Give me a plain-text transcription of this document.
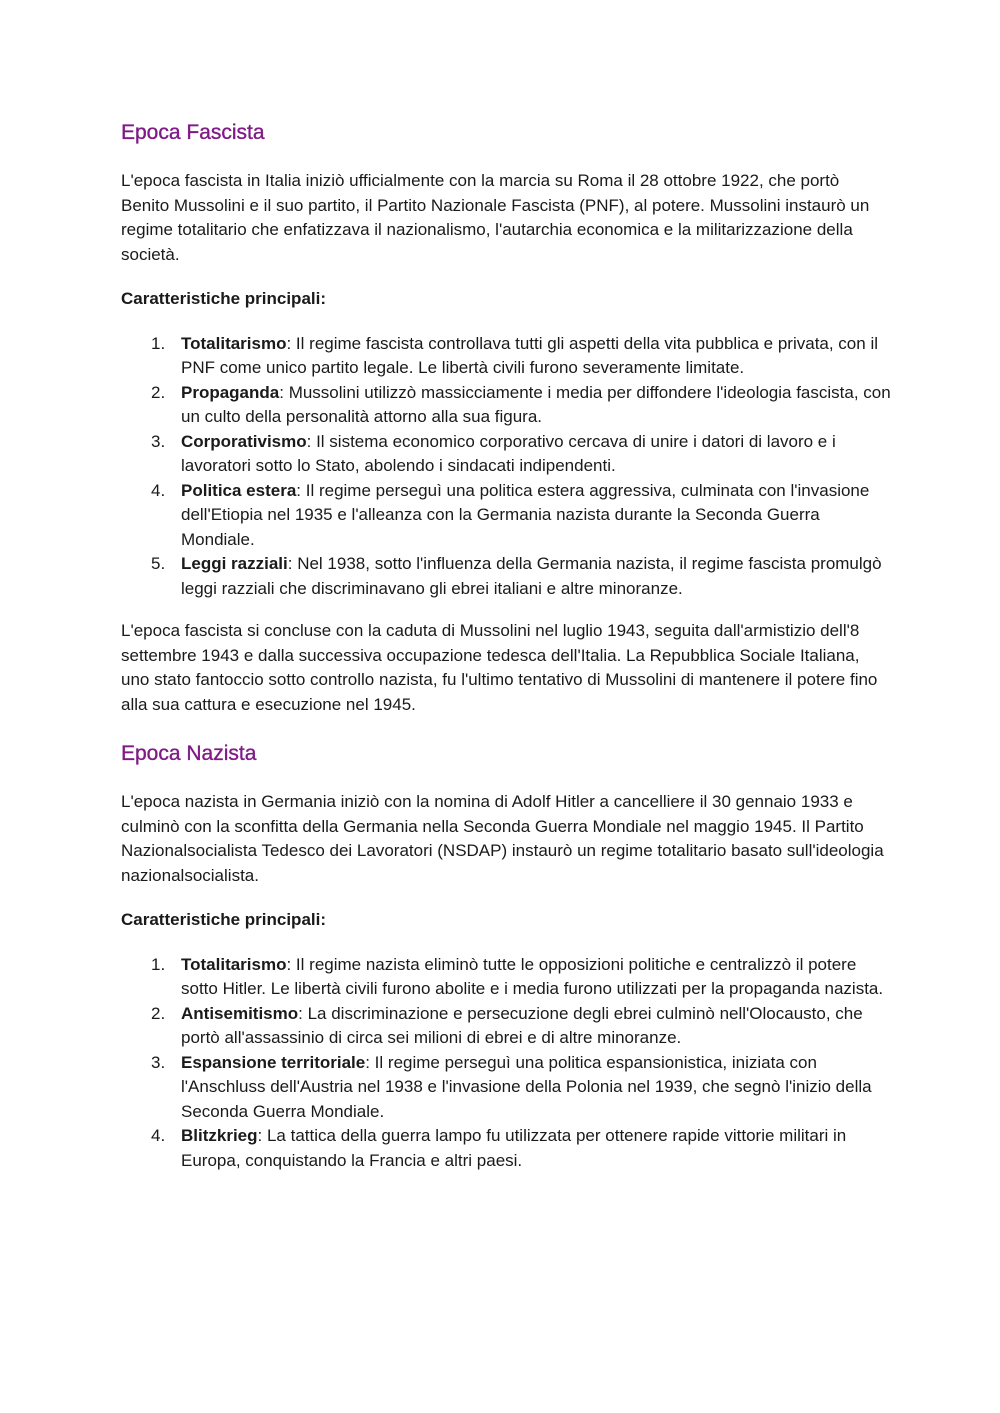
Epoca Fascista

L'epoca fascista in Italia iniziò ufficialmente con la marcia su Roma il 28 ottobre 1922, che portò Benito Mussolini e il suo partito, il Partito Nazionale Fascista (PNF), al potere. Mussolini instaurò un regime totalitario che enfatizzava il nazionalismo, l'autarchia economica e la militarizzazione della società.

Caratteristiche principali:

1. Totalitarismo: Il regime fascista controllava tutti gli aspetti della vita pubblica e privata, con il PNF come unico partito legale. Le libertà civili furono severamente limitate.
2. Propaganda: Mussolini utilizzò massicciamente i media per diffondere l'ideologia fascista, con un culto della personalità attorno alla sua figura.
3. Corporativismo: Il sistema economico corporativo cercava di unire i datori di lavoro e i lavoratori sotto lo Stato, abolendo i sindacati indipendenti.
4. Politica estera: Il regime perseguì una politica estera aggressiva, culminata con l'invasione dell'Etiopia nel 1935 e l'alleanza con la Germania nazista durante la Seconda Guerra Mondiale.
5. Leggi razziali: Nel 1938, sotto l'influenza della Germania nazista, il regime fascista promulgò leggi razziali che discriminavano gli ebrei italiani e altre minoranze.

L'epoca fascista si concluse con la caduta di Mussolini nel luglio 1943, seguita dall'armistizio dell'8 settembre 1943 e dalla successiva occupazione tedesca dell'Italia. La Repubblica Sociale Italiana, uno stato fantoccio sotto controllo nazista, fu l'ultimo tentativo di Mussolini di mantenere il potere fino alla sua cattura e esecuzione nel 1945.

Epoca Nazista

L'epoca nazista in Germania iniziò con la nomina di Adolf Hitler a cancelliere il 30 gennaio 1933 e culminò con la sconfitta della Germania nella Seconda Guerra Mondiale nel maggio 1945. Il Partito Nazionalsocialista Tedesco dei Lavoratori (NSDAP) instaurò un regime totalitario basato sull'ideologia nazionalsocialista.

Caratteristiche principali:

1. Totalitarismo: Il regime nazista eliminò tutte le opposizioni politiche e centralizzò il potere sotto Hitler. Le libertà civili furono abolite e i media furono utilizzati per la propaganda nazista.
2. Antisemitismo: La discriminazione e persecuzione degli ebrei culminò nell'Olocausto, che portò all'assassinio di circa sei milioni di ebrei e di altre minoranze.
3. Espansione territoriale: Il regime perseguì una politica espansionistica, iniziata con l'Anschluss dell'Austria nel 1938 e l'invasione della Polonia nel 1939, che segnò l'inizio della Seconda Guerra Mondiale.
4. Blitzkrieg: La tattica della guerra lampo fu utilizzata per ottenere rapide vittorie militari in Europa, conquistando la Francia e altri paesi.
